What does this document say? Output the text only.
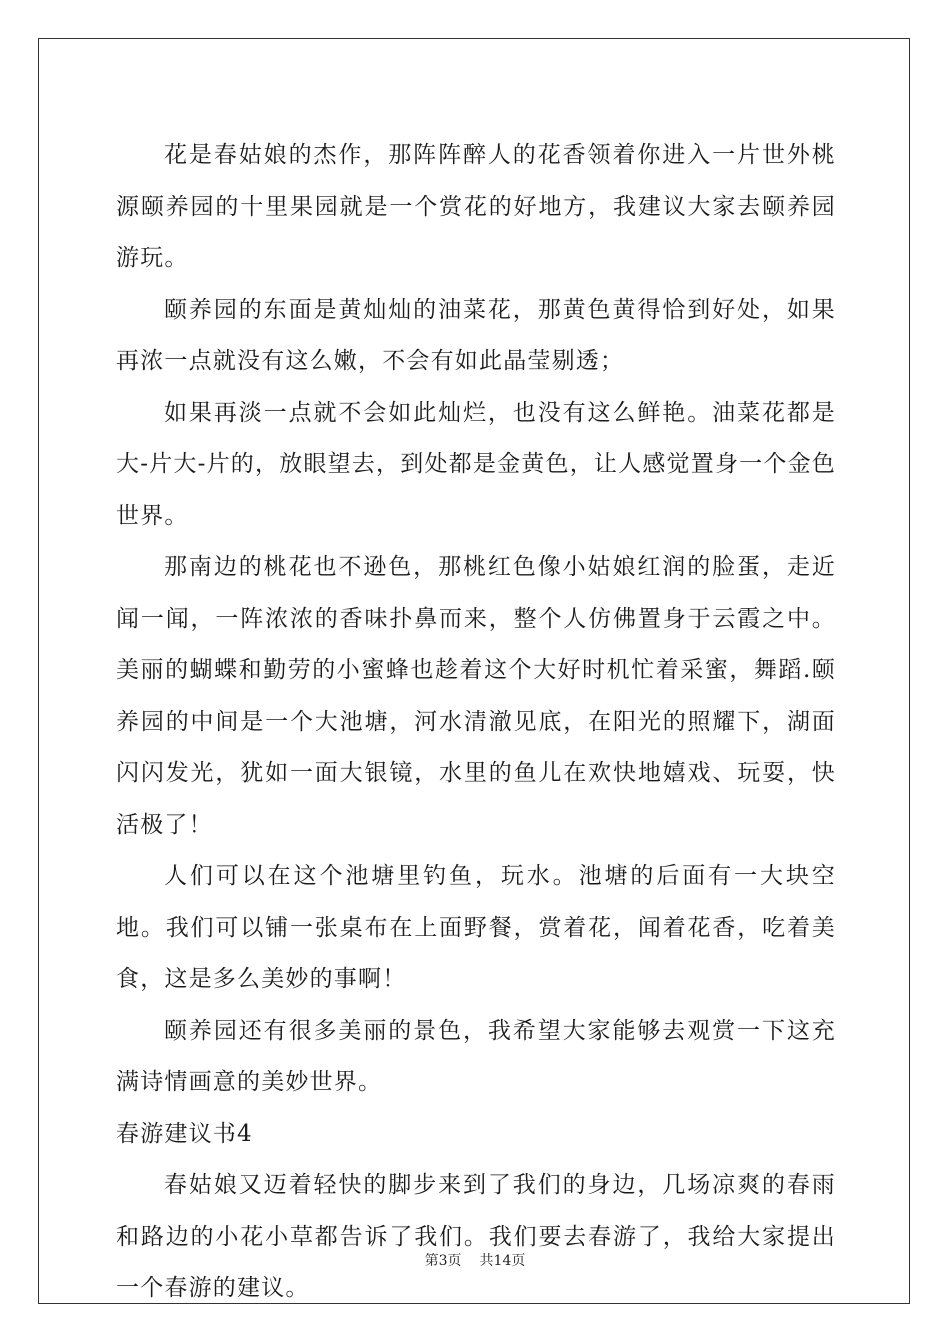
花是春姑娘的杰作，那阵阵醉人的花香领着你进入一片世外桃源颐养园的十里果园就是一个赏花的好地方，我建议大家去颐养园游玩。

颐养园的东面是黄灿灿的油菜花，那黄色黄得恰到好处，如果再浓一点就没有这么嫩，不会有如此晶莹剔透；

如果再淡一点就不会如此灿烂，也没有这么鲜艳。油菜花都是大-片大-片的，放眼望去，到处都是金黄色，让人感觉置身一个金色世界。

那南边的桃花也不逊色，那桃红色像小姑娘红润的脸蛋，走近闻一闻，一阵浓浓的香味扑鼻而来，整个人仿佛置身于云霞之中。美丽的蝴蝶和勤劳的小蜜蜂也趁着这个大好时机忙着采蜜，舞蹈.颐养园的中间是一个大池塘，河水清澈见底，在阳光的照耀下，湖面闪闪发光，犹如一面大银镜，水里的鱼儿在欢快地嬉戏、玩耍，快活极了！

人们可以在这个池塘里钓鱼，玩水。池塘的后面有一大块空地。我们可以铺一张桌布在上面野餐，赏着花，闻着花香，吃着美食，这是多么美妙的事啊！

颐养园还有很多美丽的景色，我希望大家能够去观赏一下这充满诗情画意的美妙世界。

春游建议书4

春姑娘又迈着轻快的脚步来到了我们的身边，几场凉爽的春雨和路边的小花小草都告诉了我们。我们要去春游了，我给大家提出一个春游的建议。

第3页 共14页
